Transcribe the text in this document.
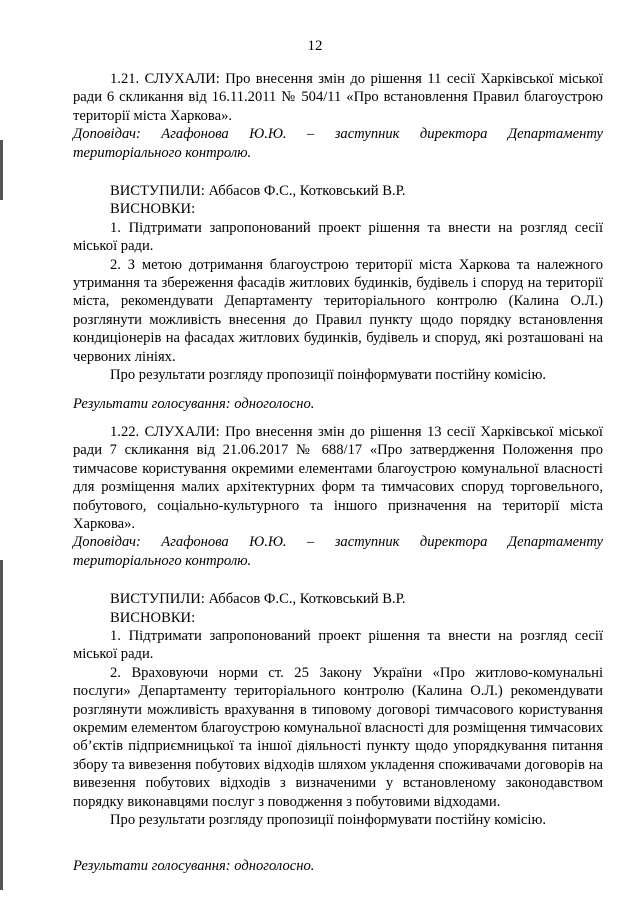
12

1.21. СЛУХАЛИ: Про внесення змін до рішення 11 сесії Харківської міської ради 6 скликання від 16.11.2011 № 504/11 «Про встановлення Правил благоустрою території міста Харкова».

Доповідач: Агафонова Ю.Ю. – заступник директора Департаменту територіального контролю.

ВИСТУПИЛИ: Аббасов Ф.С., Котковський В.Р.

ВИСНОВКИ:

1. Підтримати запропонований проект рішення та внести на розгляд сесії міської ради.

2. З метою дотримання благоустрою території міста Харкова та належного утримання та збереження фасадів житлових будинків, будівель і споруд на території міста, рекомендувати Департаменту територіального контролю (Калина О.Л.) розглянути можливість внесення до Правил пункту щодо порядку встановлення кондиціонерів на фасадах житлових будинків, будівель и споруд, які розташовані на червоних лініях.

Про результати розгляду пропозиції поінформувати постійну комісію.

Результати голосування: одноголосно.

1.22. СЛУХАЛИ: Про внесення змін до рішення 13 сесії Харківської міської ради 7 скликання від 21.06.2017 № 688/17 «Про затвердження Положення про тимчасове користування окремими елементами благоустрою комунальної власності для розміщення малих архітектурних форм та тимчасових споруд торговельного, побутового, соціально-культурного та іншого призначення на території міста Харкова».

Доповідач: Агафонова Ю.Ю. – заступник директора Департаменту територіального контролю.

ВИСТУПИЛИ: Аббасов Ф.С., Котковський В.Р.

ВИСНОВКИ:

1. Підтримати запропонований проект рішення та внести на розгляд сесії міської ради.

2. Враховуючи норми ст. 25 Закону України «Про житлово-комунальні послуги» Департаменту територіального контролю (Калина О.Л.) рекомендувати розглянути можливість врахування в типовому договорі тимчасового користування окремим елементом благоустрою комунальної власності для розміщення тимчасових об’єктів підприємницької та іншої діяльності пункту щодо упорядкування питання збору та вивезення побутових відходів шляхом укладення споживачами договорів на вивезення побутових відходів з визначеними у встановленому законодавством порядку виконавцями послуг з поводження з побутовими відходами.

Про результати розгляду пропозиції поінформувати постійну комісію.

Результати голосування: одноголосно.
